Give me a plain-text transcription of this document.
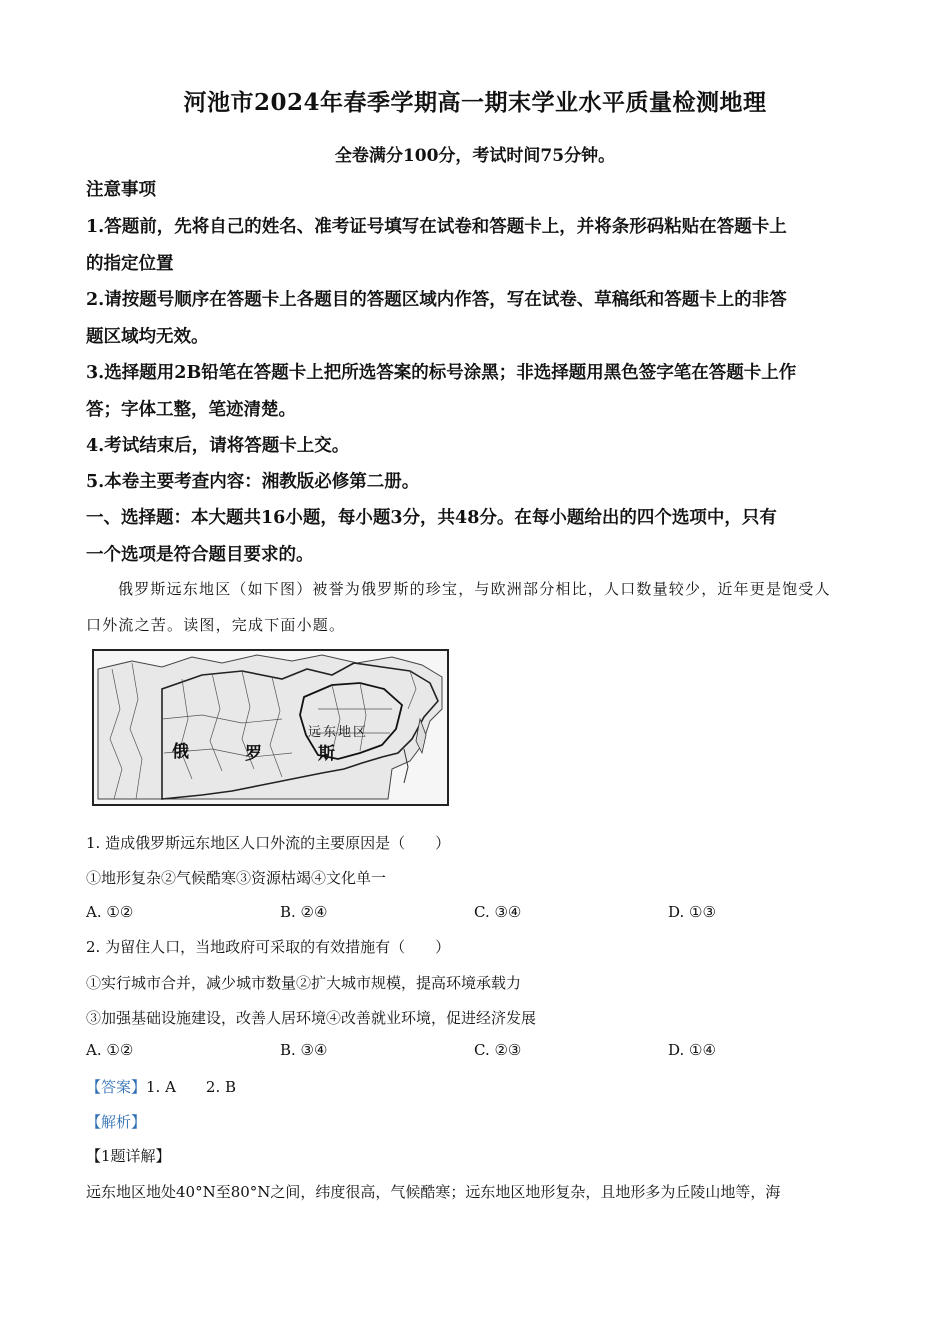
河池市2024年春季学期高一期末学业水平质量检测地理
全卷满分100分，考试时间75分钟。
注意事项
1.答题前，先将自己的姓名、准考证号填写在试卷和答题卡上，并将条形码粘贴在答题卡上
的指定位置
2.请按题号顺序在答题卡上各题目的答题区域内作答，写在试卷、草稿纸和答题卡上的非答
题区域均无效。
3.选择题用2B铅笔在答题卡上把所选答案的标号涂黑；非选择题用黑色签字笔在答题卡上作
答；字体工整，笔迹清楚。
4.考试结束后，请将答题卡上交。
5.本卷主要考查内容：湘教版必修第二册。
一、选择题：本大题共16小题，每小题3分，共48分。在每小题给出的四个选项中，只有
一个选项是符合题目要求的。
俄罗斯远东地区（如下图）被誉为俄罗斯的珍宝，与欧洲部分相比，人口数量较少，近年更是饱受人
口外流之苦。读图，完成下面小题。
远东地区
俄	罗	斯
1. 造成俄罗斯远东地区人口外流的主要原因是（　　）
①地形复杂②气候酷寒③资源枯竭④文化单一
A. ①②	B. ②④	C. ③④	D. ①③
2. 为留住人口，当地政府可采取的有效措施有（　　）
①实行城市合并，减少城市数量②扩大城市规模，提高环境承载力
③加强基础设施建设，改善人居环境④改善就业环境，促进经济发展
A. ①②	B. ③④	C. ②③	D. ①④
【答案】1. A　　2. B
【解析】
【1题详解】
远东地区地处40°N至80°N之间，纬度很高，气候酷寒；远东地区地形复杂，且地形多为丘陵山地等，海
